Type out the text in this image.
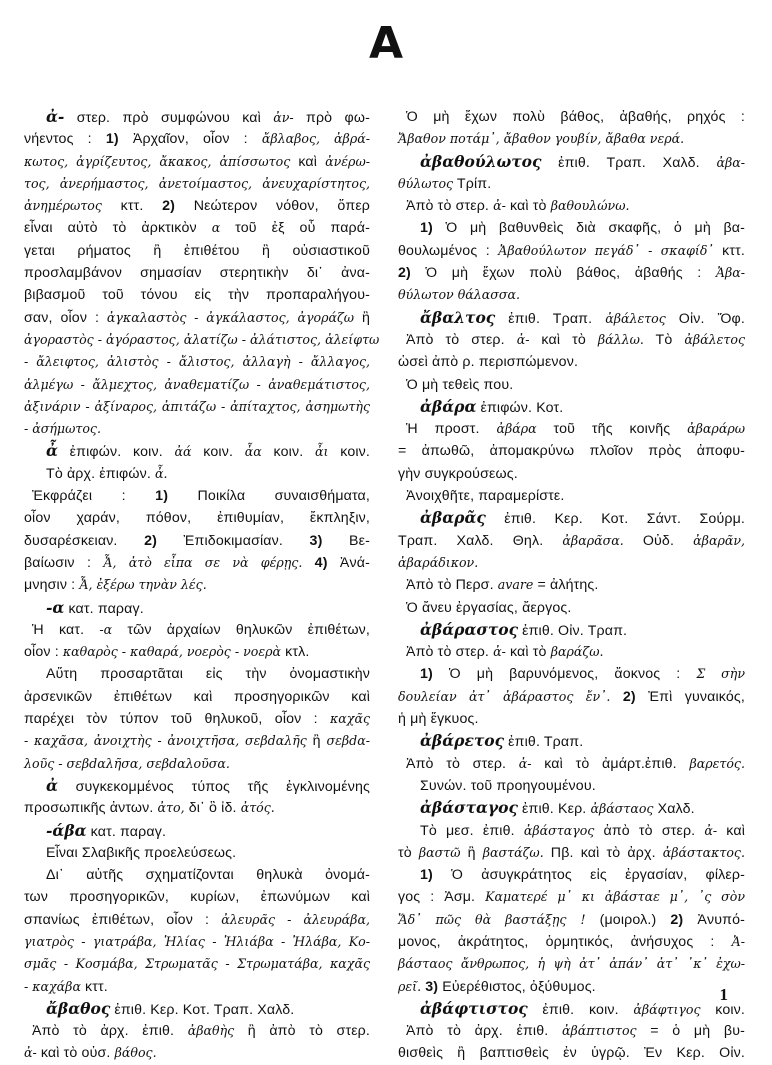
Α
ἀ- στερ. πρὸ συμφώνου καὶ ἀν- πρὸ φω-
νήεντος : 1) Ἀρχαῖον, οἷον : ἄβλαβος, ἀβρά-
κωτος, ἀγρίζευτος, ἄκακος, ἀπίσσωτος καὶ ἀνέρω-
τος, ἀνερήμαστος, ἀνετοίμαστος, ἀνευχαρίστητος,
ἀνημέρωτος κττ. 2) Νεώτερον νόθον, ὅπερ
εἶναι αὐτὸ τὸ ἀρκτικὸν α τοῦ ἐξ οὗ παρά-
γεται ρήματος ἢ ἐπιθέτου ἢ οὐσιαστικοῦ
προσλαμβάνον σημασίαν στερητικὴν δι᾽ ἀνα-
βιβασμοῦ τοῦ τόνου εἰς τὴν προπαραλήγου-
σαν, οἷον : ἀγκαλαστὸς - ἀγκάλαστος, ἀγοράζω ἢ
ἀγοραστὸς - ἀγόραστος, ἀλατίζω - ἀλάτιστος, ἀλείφτω
- ἄλειφτος, ἀλιστὸς - ἄλιστος, ἀλλαγὴ - ἄλλαγος,
ἀλμέγω - ἄλμεχτος, ἀναθεματίζω - ἀναθεμάτιστος,
ἀξινάριν - ἀξίναρος, ἀπιτάζω - ἀπίταχτος, ἀσημωτὴς
- ἀσήμωτος.
ἆ ἐπιφών. κοιν. ἀά κοιν. ἆα κοιν. ἆι κοιν.
Τὸ ἀρχ. ἐπιφών. ἆ.
Ἐκφράζει : 1) Ποικίλα συναισθήματα,
οἷον χαράν, πόθον, ἐπιθυμίαν, ἔκπληξιν,
δυσαρέσκειαν. 2) Ἐπιδοκιμασίαν. 3) Βε-
βαίωσιν : Ἆ, ἀτὸ εἶπα σε νὰ φέρῃς. 4) Ἀνά-
μνησιν : Ἆ, ἐξέρω τηνὰν λές.
-α κατ. παραγ.
Ἡ κατ. -α τῶν ἀρχαίων θηλυκῶν ἐπιθέτων,
οἷον : καθαρὸς - καθαρά, νοερὸς - νοερὰ κτλ.
Αὕτη προσαρτᾶται εἰς τὴν ὀνομαστικὴν
ἀρσενικῶν ἐπιθέτων καὶ προσηγορικῶν καὶ
παρέχει τὸν τύπον τοῦ θηλυκοῦ, οἷον : καχᾶς
- καχᾶσα, ἀνοιχτὴς - ἀνοιχτῆσα, σεβdαλῆς ἢ σεβdα-
λοῦς - σεβdαλῆσα, σεβdαλοῦσα.
ἀ συγκεκομμένος τύπος τῆς ἐγκλινομένης
προσωπικῆς ἀντων. ἀτο, δι᾽ ὃ ἰδ. ἀτός.
-άβα κατ. παραγ.
Εἶναι Σλαβικῆς προελεύσεως.
Δι᾽ αὐτῆς σχηματίζονται θηλυκὰ ὀνομά-
των προσηγορικῶν, κυρίων, ἐπωνύμων καὶ
σπανίως ἐπιθέτων, οἷον : ἀλευρᾶς - ἀλευράβα,
γιατρὸς - γιατράβα, Ἠλίας - Ἠλιάβα - Ἠλάβα, Κο-
σμᾶς - Κοσμάβα, Στρωματᾶς - Στρωματάβα, καχᾶς
- καχάβα κττ.
ἄβαθος ἐπιθ. Κερ. Κοτ. Τραπ. Χαλδ.
Ἀπὸ τὸ ἀρχ. ἐπιθ. ἀβαθὴς ἢ ἀπὸ τὸ στερ.
ἀ- καὶ τὸ οὐσ. βάθος.
Ὁ μὴ ἔχων πολὺ βάθος, ἀβαθής, ρηχός :
Ἄβαθον ποτάμ᾽, ἄβαθον γουβίν, ἄβαθα νερά.
ἀβαθούλωτος ἐπιθ. Τραπ. Χαλδ. ἀβα-
θύλωτος Τρίπ.
Ἀπὸ τὸ στερ. ἀ- καὶ τὸ βαθουλώνω.
1) Ὁ μὴ βαθυνθεὶς διὰ σκαφῆς, ὁ μὴ βα-
θουλωμένος : Ἀβαθούλωτον πεγάδ᾽ - σκαφίδ᾽ κττ.
2) Ὁ μὴ ἔχων πολὺ βάθος, ἀβαθής : Ἀβα-
θύλωτον θάλασσα.
ἄβαλτος ἐπιθ. Τραπ. ἀβάλετος Οἰν. Ὄφ.
Ἀπὸ τὸ στερ. ἀ- καὶ τὸ βάλλω. Τὸ ἀβάλετος
ὡσεὶ ἀπὸ ρ. περισπώμενον.
Ὁ μὴ τεθεὶς που.
ἀβάρα ἐπιφών. Κοτ.
Ἡ προστ. ἀβάρα τοῦ τῆς κοινῆς ἀβαράρω
= ἀπωθῶ, ἀπομακρύνω πλοῖον πρὸς ἀποφυ-
γὴν συγκρούσεως.
Ἀνοιχθῆτε, παραμερίστε.
ἀβαρᾶς ἐπιθ. Κερ. Κοτ. Σάντ. Σούρμ.
Τραπ. Χαλδ. Θηλ. ἀβαρᾶσα. Οὐδ. ἀβαρᾶν,
ἀβαράδικον.
Ἀπὸ τὸ Περσ. avare = ἀλήτης.
Ὁ ἄνευ ἐργασίας, ἄεργος.
ἀβάραστος ἐπιθ. Οἰν. Τραπ.
Ἀπὸ τὸ στερ. ἀ- καὶ τὸ βαράζω.
1) Ὁ μὴ βαρυνόμενος, ἄοκνος : Σ σὴν
δουλείαν ἀτ᾽ ἀβάραστος ἔν᾽. 2) Ἐπὶ γυναικός,
ἡ μὴ ἔγκυος.
ἀβάρετος ἐπιθ. Τραπ.
Ἀπὸ τὸ στερ. ἀ- καὶ τὸ ἀμάρτ.ἐπιθ. βαρετός.
Συνών. τοῦ προηγουμένου.
ἀβάσταγος ἐπιθ. Κερ. ἀβάσταος Χαλδ.
Τὸ μεσ. ἐπιθ. ἀβάσταγος ἀπὸ τὸ στερ. ἀ- καὶ
τὸ βαστῶ ἢ βαστάζω. Πβ. καὶ τὸ ἀρχ. ἀβάστακτος.
1) Ὁ ἀσυγκράτητος εἰς ἐργασίαν, φίλερ-
γος : Ἀσμ. Καματερέ μ᾽ κι ἀβάσταε μ᾽, ᾽ς σὸν
Ἅδ᾽ πῶς θὰ βαστάξῃς ! (μοιρολ.) 2) Ἀνυπό-
μονος, ἀκράτητος, ὁρμητικός, ἀνήσυχος : Ἀ-
βάσταος ἄνθρωπος, ἡ ψὴ ἀτ᾽ ἀπάν᾽ ἀτ᾽ ᾽κ᾽ ἐχω-
ρεῖ. 3) Εὐερέθιστος, ὀξύθυμος.
ἀβάφτιστος ἐπιθ. κοιν. ἀβάφτιγος κοιν.
Ἀπὸ τὸ ἀρχ. ἐπιθ. ἀβάπτιστος = ὁ μὴ βυ-
θισθεὶς ἢ βαπτισθεὶς ἐν ὑγρῷ. Ἐν Κερ. Οἰν.
1
